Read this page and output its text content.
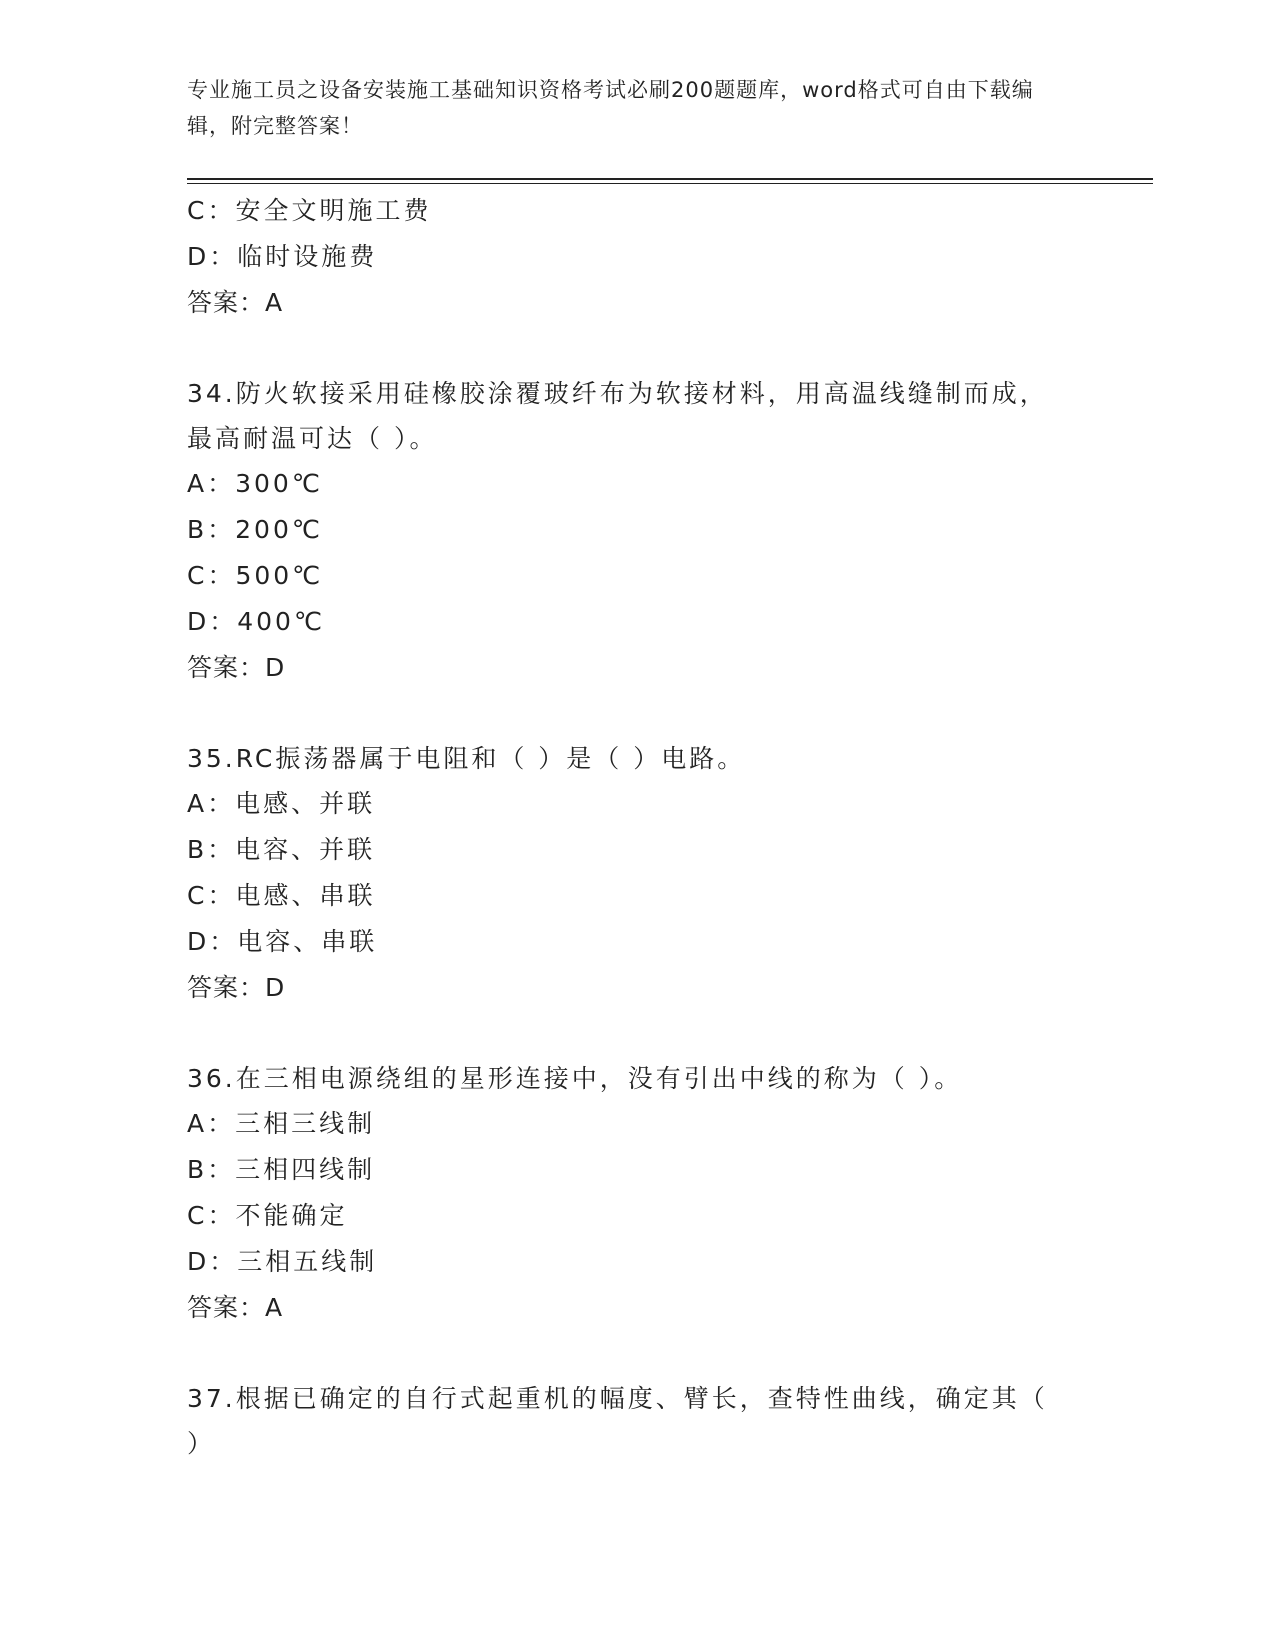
专业施工员之设备安装施工基础知识资格考试必刷200题题库，word格式可自由下载编辑，附完整答案！
C：安全文明施工费
D：临时设施费
答案：A
34.防火软接采用硅橡胶涂覆玻纤布为软接材料，用高温线缝制而成，最高耐温可达（ ）。
A：300℃
B：200℃
C：500℃
D：400℃
答案：D
35.RC振荡器属于电阻和（ ）是（ ）电路。
A：电感、并联
B：电容、并联
C：电感、串联
D：电容、串联
答案：D
36.在三相电源绕组的星形连接中，没有引出中线的称为（ ）。
A：三相三线制
B：三相四线制
C：不能确定
D：三相五线制
答案：A
37.根据已确定的自行式起重机的幅度、臂长，查特性曲线，确定其（ ）
